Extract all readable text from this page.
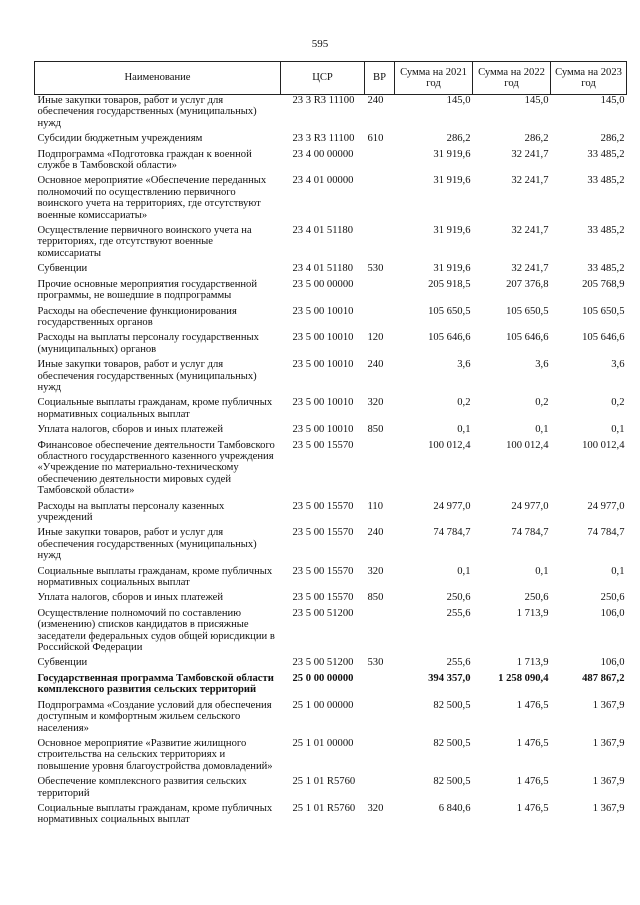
595
Наименование	ЦСР	ВР	Сумма на 2021 год	Сумма на 2022 год	Сумма на 2023 год
Иные закупки товаров, работ и услуг для обеспечения государственных (муниципальных) нужд	23 3 R3 11100	240	145,0	145,0	145,0
Субсидии бюджетным учреждениям	23 3 R3 11100	610	286,2	286,2	286,2
Подпрограмма «Подготовка граждан к военной службе в Тамбовской области»	23 4 00 00000		31 919,6	32 241,7	33 485,2
Основное мероприятие «Обеспечение переданных полномочий по осуществлению первичного воинского учета на территориях, где отсутствуют военные комиссариаты»	23 4 01 00000		31 919,6	32 241,7	33 485,2
Осуществление первичного воинского учета на территориях, где отсутствуют военные комиссариаты	23 4 01 51180		31 919,6	32 241,7	33 485,2
Субвенции	23 4 01 51180	530	31 919,6	32 241,7	33 485,2
Прочие основные мероприятия государственной программы, не вошедшие в подпрограммы	23 5 00 00000		205 918,5	207 376,8	205 768,9
Расходы на обеспечение функционирования государственных органов	23 5 00 10010		105 650,5	105 650,5	105 650,5
Расходы на выплаты персоналу государственных (муниципальных) органов	23 5 00 10010	120	105 646,6	105 646,6	105 646,6
Иные закупки товаров, работ и услуг для обеспечения государственных (муниципальных) нужд	23 5 00 10010	240	3,6	3,6	3,6
Социальные выплаты гражданам, кроме публичных нормативных социальных выплат	23 5 00 10010	320	0,2	0,2	0,2
Уплата налогов, сборов и иных платежей	23 5 00 10010	850	0,1	0,1	0,1
Финансовое обеспечение деятельности Тамбовского областного государственного казенного учреждения «Учреждение по материально-техническому обеспечению деятельности мировых судей Тамбовской области»	23 5 00 15570		100 012,4	100 012,4	100 012,4
Расходы на выплаты персоналу казенных учреждений	23 5 00 15570	110	24 977,0	24 977,0	24 977,0
Иные закупки товаров, работ и услуг для обеспечения государственных (муниципальных) нужд	23 5 00 15570	240	74 784,7	74 784,7	74 784,7
Социальные выплаты гражданам, кроме публичных нормативных социальных выплат	23 5 00 15570	320	0,1	0,1	0,1
Уплата налогов, сборов и иных платежей	23 5 00 15570	850	250,6	250,6	250,6
Осуществление полномочий по составлению (изменению) списков кандидатов в присяжные заседатели федеральных судов общей юрисдикции в Российской Федерации	23 5 00 51200		255,6	1 713,9	106,0
Субвенции	23 5 00 51200	530	255,6	1 713,9	106,0
Государственная программа Тамбовской области комплексного развития сельских территорий	25 0 00 00000		394 357,0	1 258 090,4	487 867,2
Подпрограмма «Создание условий для обеспечения доступным и комфортным жильем сельского населения»	25 1 00 00000		82 500,5	1 476,5	1 367,9
Основное мероприятие «Развитие жилищного строительства на сельских территориях и повышение уровня благоустройства домовладений»	25 1 01 00000		82 500,5	1 476,5	1 367,9
Обеспечение комплексного развития сельских территорий	25 1 01 R5760		82 500,5	1 476,5	1 367,9
Социальные выплаты гражданам, кроме публичных нормативных социальных выплат	25 1 01 R5760	320	6 840,6	1 476,5	1 367,9
